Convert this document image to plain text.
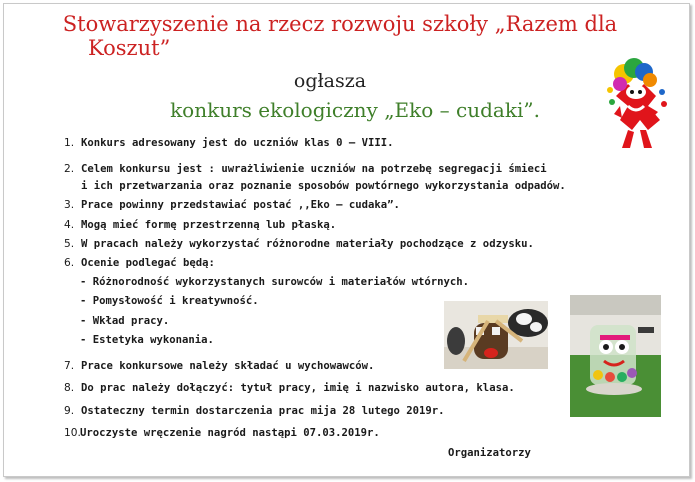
Stowarzyszenie na rzecz rozwoju szkoły „Razem dla
Koszut”
ogłasza
konkurs ekologiczny „Eko – cudaki”.
1. Konkurs adresowany jest do uczniów klas 0 – VIII.
2. Celem konkursu jest : uwrażliwienie uczniów na potrzebę segregacji śmieci
i ich przetwarzania oraz poznanie sposobów powtórnego wykorzystania odpadów.
3. Prace powinny przedstawiać postać ,,Eko – cudaka”.
4. Mogą mieć formę przestrzenną lub płaską.
5. W pracach należy wykorzystać różnorodne materiały pochodzące z odzysku.
6. Ocenie podlegać będą:
- Różnorodność wykorzystanych surowców i materiałów wtórnych.
- Pomysłowość i kreatywność.
- Wkład pracy.
- Estetyka wykonania.
7. Prace konkursowe należy składać u wychowawców.
8. Do prac należy dołączyć: tytuł pracy, imię i nazwisko autora, klasa.
9. Ostateczny termin dostarczenia prac mija 28 lutego 2019r.
10.Uroczyste wręczenie nagród nastąpi 07.03.2019r.
Organizatorzy
